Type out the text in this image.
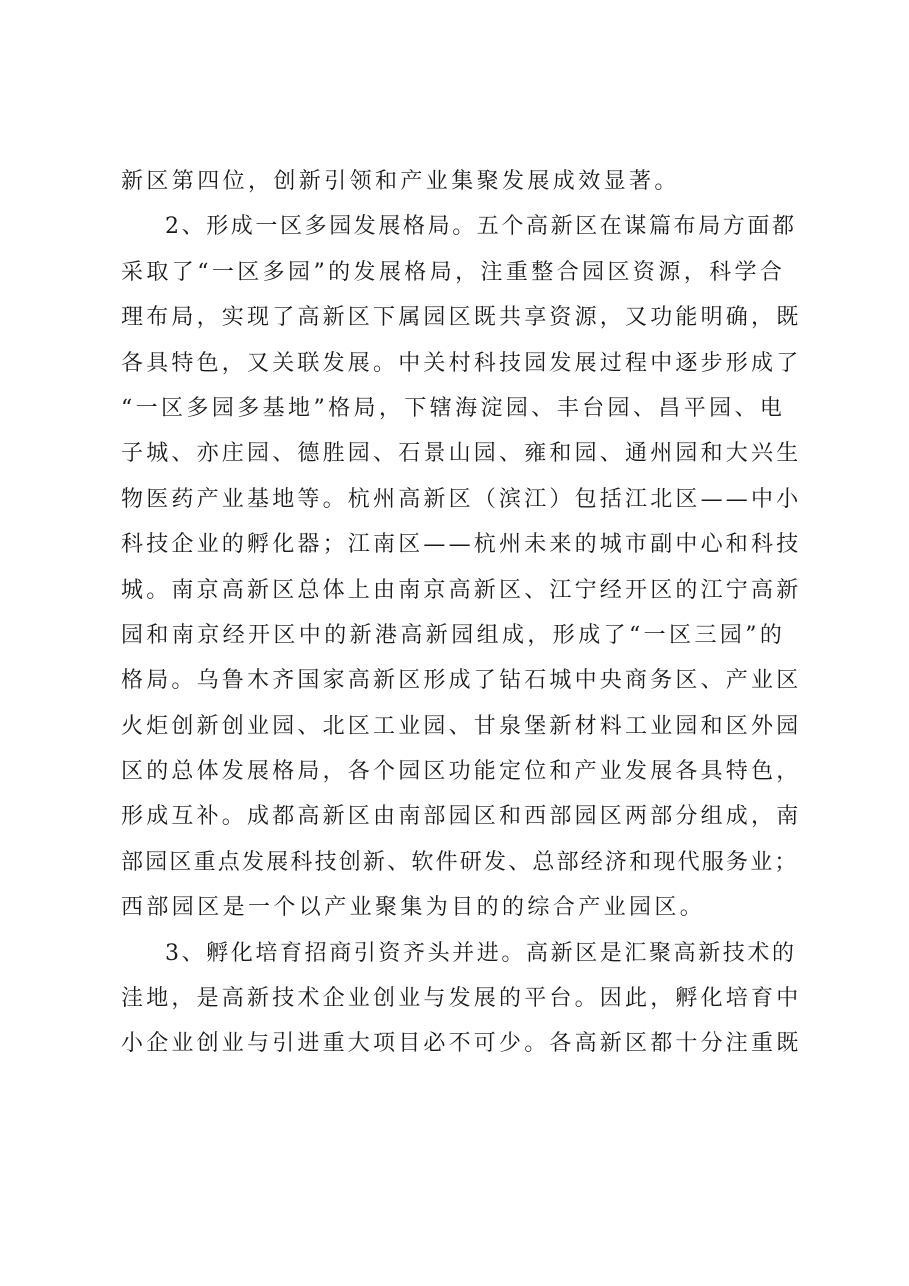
新区第四位，创新引领和产业集聚发展成效显著。
2、形成一区多园发展格局。五个高新区在谋篇布局方面都
采取了“一区多园”的发展格局，注重整合园区资源，科学合
理布局，实现了高新区下属园区既共享资源，又功能明确，既
各具特色，又关联发展。中关村科技园发展过程中逐步形成了
“一区多园多基地”格局，下辖海淀园、丰台园、昌平园、电
子城、亦庄园、德胜园、石景山园、雍和园、通州园和大兴生
物医药产业基地等。杭州高新区（滨江）包括江北区——中小
科技企业的孵化器；江南区——杭州未来的城市副中心和科技
城。南京高新区总体上由南京高新区、江宁经开区的江宁高新
园和南京经开区中的新港高新园组成，形成了“一区三园”的
格局。乌鲁木齐国家高新区形成了钻石城中央商务区、产业区
火炬创新创业园、北区工业园、甘泉堡新材料工业园和区外园
区的总体发展格局，各个园区功能定位和产业发展各具特色，
形成互补。成都高新区由南部园区和西部园区两部分组成，南
部园区重点发展科技创新、软件研发、总部经济和现代服务业；
西部园区是一个以产业聚集为目的的综合产业园区。
3、孵化培育招商引资齐头并进。高新区是汇聚高新技术的
洼地，是高新技术企业创业与发展的平台。因此，孵化培育中
小企业创业与引进重大项目必不可少。各高新区都十分注重既
